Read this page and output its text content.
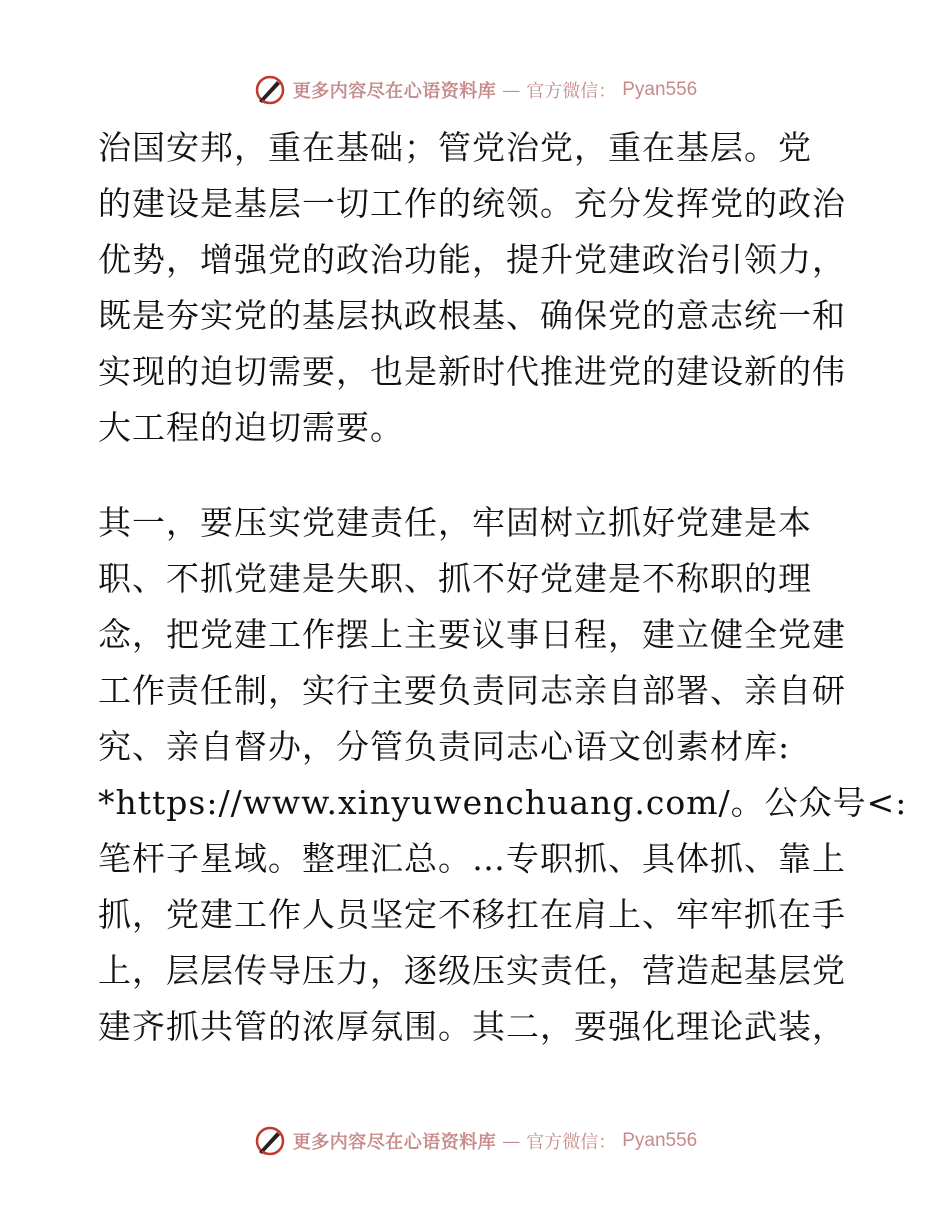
更多内容尽在心语资料库 — 官方微信： Pyan556
治国安邦，重在基础；管党治党，重在基层。党
的建设是基层一切工作的统领。充分发挥党的政治
优势，增强党的政治功能，提升党建政治引领力，
既是夯实党的基层执政根基、确保党的意志统一和
实现的迫切需要，也是新时代推进党的建设新的伟
大工程的迫切需要。
其一，要压实党建责任，牢固树立抓好党建是本
职、不抓党建是失职、抓不好党建是不称职的理
念，把党建工作摆上主要议事日程，建立健全党建
工作责任制，实行主要负责同志亲自部署、亲自研
究、亲自督办，分管负责同志心语文创素材库:
*https://www.xinyuwenchuang.com/。公众号<:
笔杆子星域。整理汇总。…专职抓、具体抓、靠上
抓，党建工作人员坚定不移扛在肩上、牢牢抓在手
上，层层传导压力，逐级压实责任，营造起基层党
建齐抓共管的浓厚氛围。其二，要强化理论武装，
更多内容尽在心语资料库 — 官方微信： Pyan556
